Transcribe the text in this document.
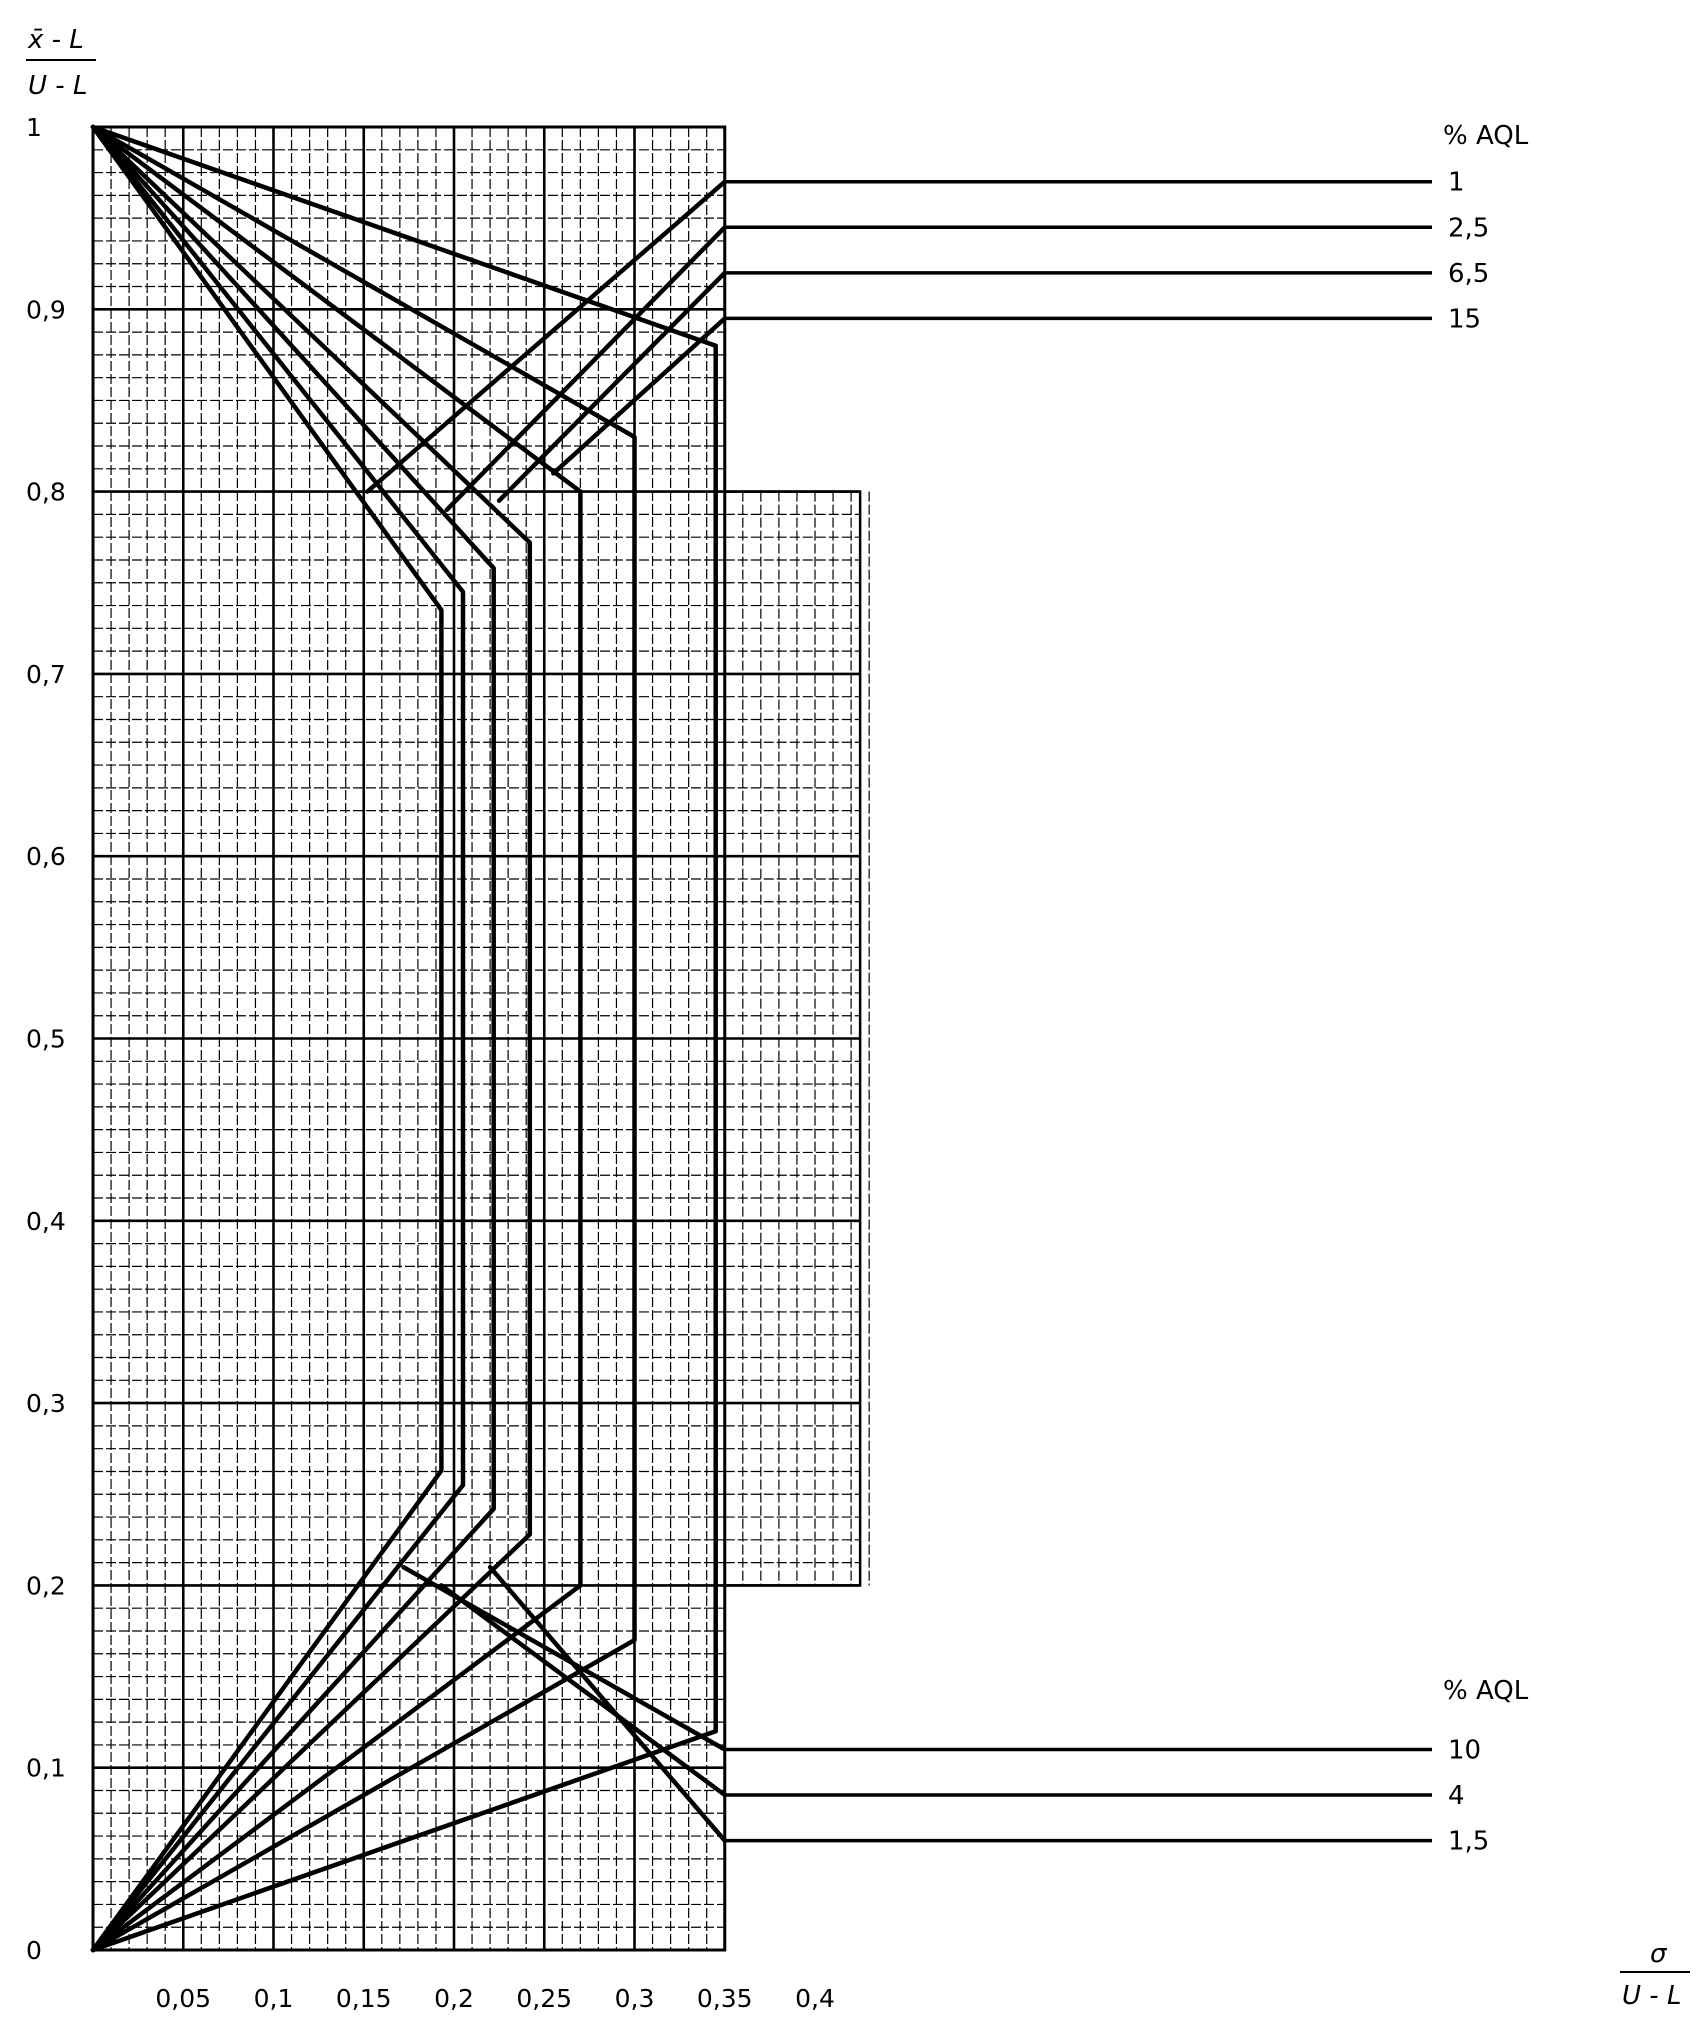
0,05 0,1 0,15 0,2 0,25 0,3 0,35 0,4
0
0,1
0,2
0,3
0,4
0,5
0,6
0,7
0,8
0,9
1
x̄ - L
U - L
σ
U - L
% AQL
1
2,5
6,5
15
% AQL
10
4
1,5
